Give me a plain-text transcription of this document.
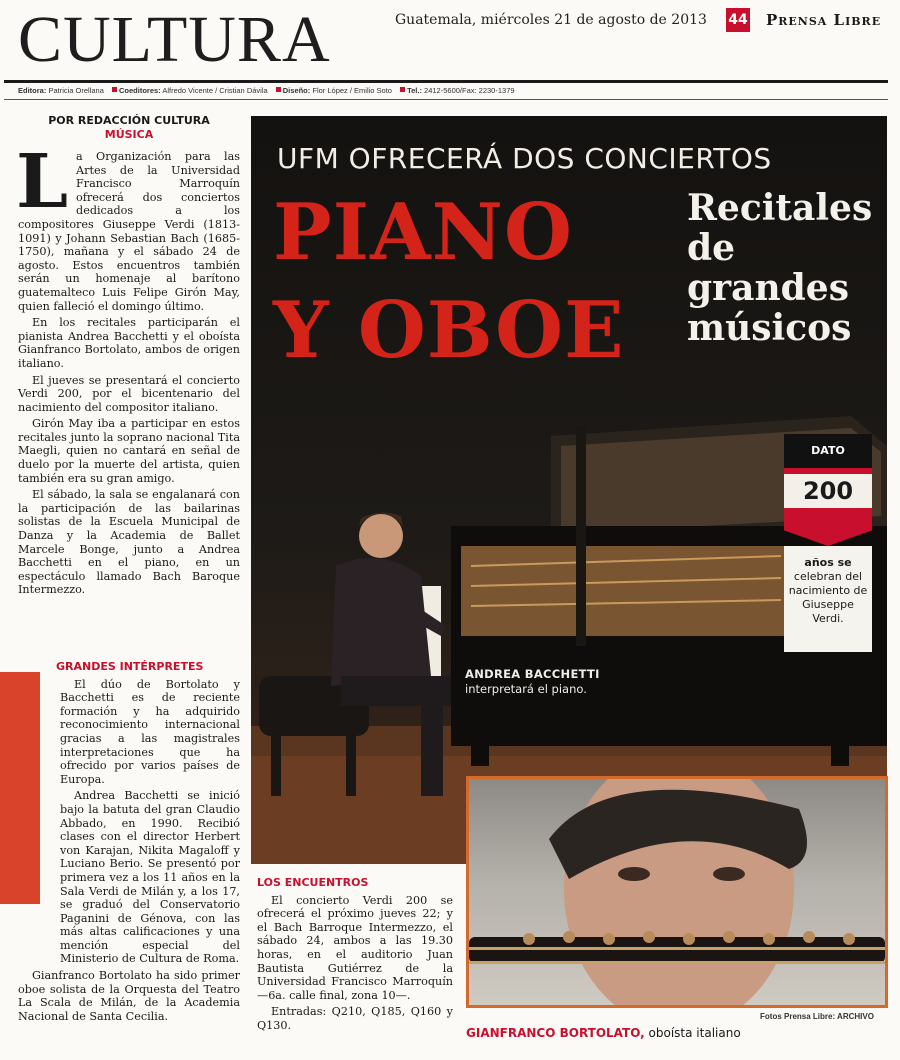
CULTURA	Guatemala, miércoles 21 de agosto de 2013 44 Prensa Libre
Editora: Patricia Orellana Coeditores: Alfredo Vicente / Cristian Dávila Diseño: Flor López / Emilio Soto Tel.: 2412-5600/Fax: 2230-1379
POR REDACCIÓN CULTURA
MÚSICA

La Organización para las Artes de la Universidad Francisco Marroquín ofrecerá dos conciertos dedicados a los compositores Giuseppe Verdi (1813-1091) y Johann Sebastian Bach (1685-1750), mañana y el sábado 24 de agosto. Estos encuentros también serán un homenaje al barítono guatemalteco Luis Felipe Girón May, quien falleció el domingo último.

En los recitales participarán el pianista Andrea Bacchetti y el oboísta Gianfranco Bortolato, ambos de origen italiano.

El jueves se presentará el concierto Verdi 200, por el bicentenario del nacimiento del compositor italiano.

Girón May iba a participar en estos recitales junto la soprano nacional Tita Maegli, quien no cantará en señal de duelo por la muerte del artista, quien también era su gran amigo.

El sábado, la sala se engalanará con la participación de las bailarinas solistas de la Escuela Municipal de Danza y la Academia de Ballet Marcele Bonge, junto a Andrea Bacchetti en el piano, en un espectáculo llamado Bach Baroque Intermezzo.

GRANDES INTÉRPRETES

El dúo de Bortolato y Bacchetti es de reciente formación y ha adquirido reconocimiento internacional gracias a las magistrales interpretaciones que ha ofrecido por varios países de Europa.

Andrea Bacchetti se inició bajo la batuta del gran Claudio Abbado, en 1990. Recibió clases con el director Herbert von Karajan, Nikita Magaloff y Luciano Berio. Se presentó por primera vez a los 11 años en la Sala Verdi de Milán y, a los 17, se graduó del Conservatorio Paganini de Génova, con las más altas calificaciones y una mención especial del Ministerio de Cultura de Roma.

Gianfranco Bortolato ha sido primer oboe solista de la Orquesta del Teatro La Scala de Milán, de la Academia Nacional de Santa Cecilia.

UFM OFRECERÁ DOS CONCIERTOS
PIANO
Y OBOE
Recitales de grandes músicos
ANDREA BACCHETTI
interpretará el piano.
DATO
200
años se celebran del nacimiento de Giuseppe Verdi.
LOS ENCUENTROS

El concierto Verdi 200 se ofrecerá el próximo jueves 22; y el Bach Barroque Intermezzo, el sábado 24, ambos a las 19.30 horas, en el auditorio Juan Bautista Gutiérrez de la Universidad Francisco Marroquín —6a. calle final, zona 10—.

Entradas: Q210, Q185, Q160 y Q130.

Fotos Prensa Libre: ARCHIVO
GIANFRANCO BORTOLATO, oboísta italiano
